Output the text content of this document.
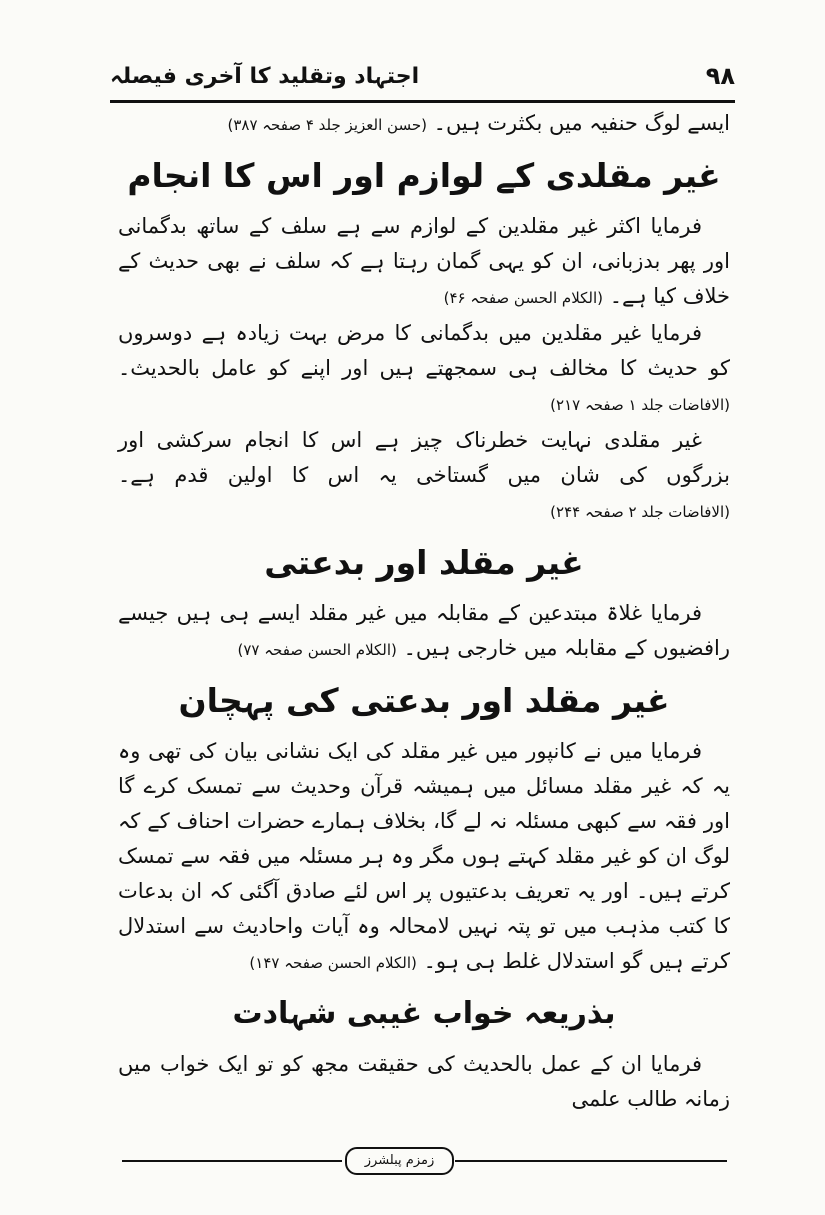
۹۸
اجتہاد وتقلید کا آخری فیصلہ

ایسے لوگ حنفیہ میں بکثرت ہیں۔ (حسن العزیز جلد ۴ صفحہ ۳۸۷)

غیر مقلدی کے لوازم اور اس کا انجام

فرمایا اکثر غیر مقلدین کے لوازم سے ہے سلف کے ساتھ بدگمانی اور پھر بدزبانی، ان کو یہی گمان رہتا ہے کہ سلف نے بھی حدیث کے خلاف کیا ہے۔ (الکلام الحسن صفحہ ۴۶)

فرمایا غیر مقلدین میں بدگمانی کا مرض بہت زیادہ ہے دوسروں کو حدیث کا مخالف ہی سمجھتے ہیں اور اپنے کو عامل بالحدیث۔ (الافاضات جلد ۱ صفحہ ۲۱۷)

غیر مقلدی نہایت خطرناک چیز ہے اس کا انجام سرکشی اور بزرگوں کی شان میں گستاخی یہ اس کا اولین قدم ہے۔ (الافاضات جلد ۲ صفحہ ۲۴۴)

غیر مقلد اور بدعتی

فرمایا غلاۃ مبتدعین کے مقابلہ میں غیر مقلد ایسے ہی ہیں جیسے رافضیوں کے مقابلہ میں خارجی ہیں۔ (الکلام الحسن صفحہ ۷۷)

غیر مقلد اور بدعتی کی پہچان

فرمایا میں نے کانپور میں غیر مقلد کی ایک نشانی بیان کی تھی وہ یہ کہ غیر مقلد مسائل میں ہمیشہ قرآن وحدیث سے تمسک کرے گا اور فقہ سے کبھی مسئلہ نہ لے گا، بخلاف ہمارے حضرات احناف کے کہ لوگ ان کو غیر مقلد کہتے ہوں مگر وہ ہر مسئلہ میں فقہ سے تمسک کرتے ہیں۔ اور یہ تعریف بدعتیوں پر اس لئے صادق آگئی کہ ان بدعات کا کتب مذہب میں تو پتہ نہیں لامحالہ وہ آیات واحادیث سے استدلال کرتے ہیں گو استدلال غلط ہی ہو۔ (الکلام الحسن صفحہ ۱۴۷)

بذریعہ خواب غیبی شہادت

فرمایا ان کے عمل بالحدیث کی حقیقت مجھ کو تو ایک خواب میں زمانہ طالب علمی

زمزم پبلشرز
